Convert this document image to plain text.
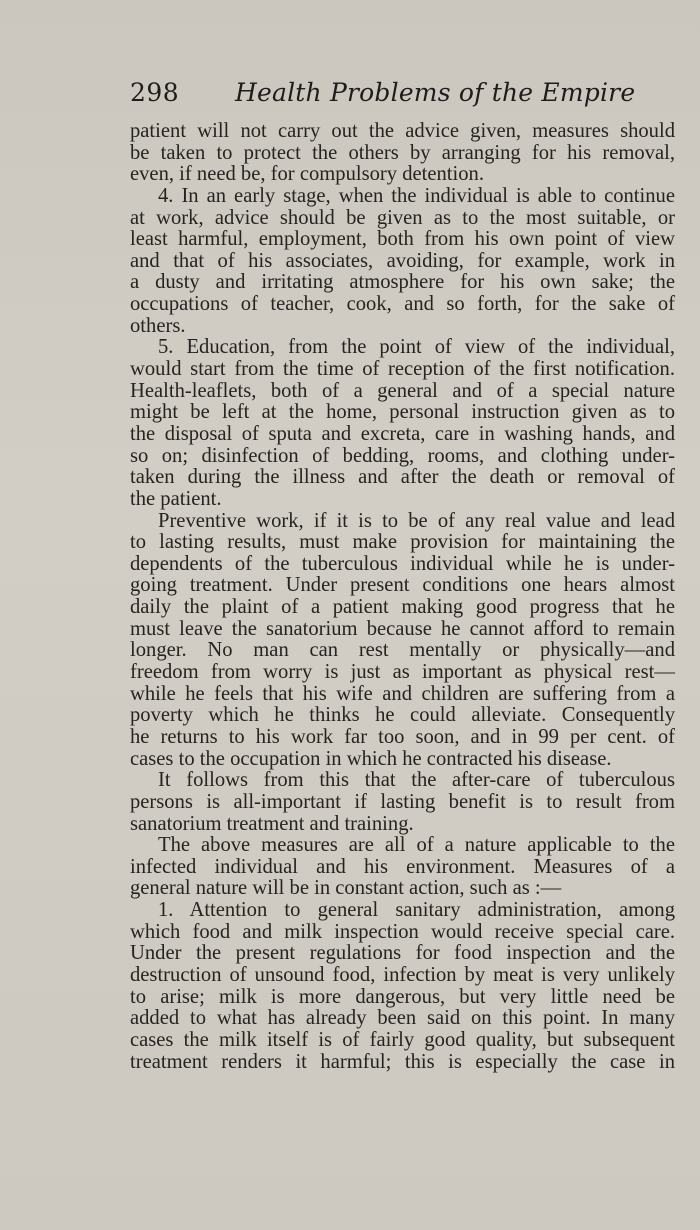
298 Health Problems of the Empire
patient will not carry out the advice given, measures should
be taken to protect the others by arranging for his removal,
even, if need be, for compulsory detention.
4. In an early stage, when the individual is able to continue
at work, advice should be given as to the most suitable, or
least harmful, employment, both from his own point of view
and that of his associates, avoiding, for example, work in
a dusty and irritating atmosphere for his own sake; the
occupations of teacher, cook, and so forth, for the sake of
others.
5. Education, from the point of view of the individual,
would start from the time of reception of the first notification.
Health-leaflets, both of a general and of a special nature
might be left at the home, personal instruction given as to
the disposal of sputa and excreta, care in washing hands, and
so on; disinfection of bedding, rooms, and clothing under-
taken during the illness and after the death or removal of
the patient.
Preventive work, if it is to be of any real value and lead
to lasting results, must make provision for maintaining the
dependents of the tuberculous individual while he is under-
going treatment. Under present conditions one hears almost
daily the plaint of a patient making good progress that he
must leave the sanatorium because he cannot afford to remain
longer. No man can rest mentally or physically—and
freedom from worry is just as important as physical rest—
while he feels that his wife and children are suffering from a
poverty which he thinks he could alleviate. Consequently
he returns to his work far too soon, and in 99 per cent. of
cases to the occupation in which he contracted his disease.
It follows from this that the after-care of tuberculous
persons is all-important if lasting benefit is to result from
sanatorium treatment and training.
The above measures are all of a nature applicable to the
infected individual and his environment. Measures of a
general nature will be in constant action, such as :—
1. Attention to general sanitary administration, among
which food and milk inspection would receive special care.
Under the present regulations for food inspection and the
destruction of unsound food, infection by meat is very unlikely
to arise; milk is more dangerous, but very little need be
added to what has already been said on this point. In many
cases the milk itself is of fairly good quality, but subsequent
treatment renders it harmful; this is especially the case in
